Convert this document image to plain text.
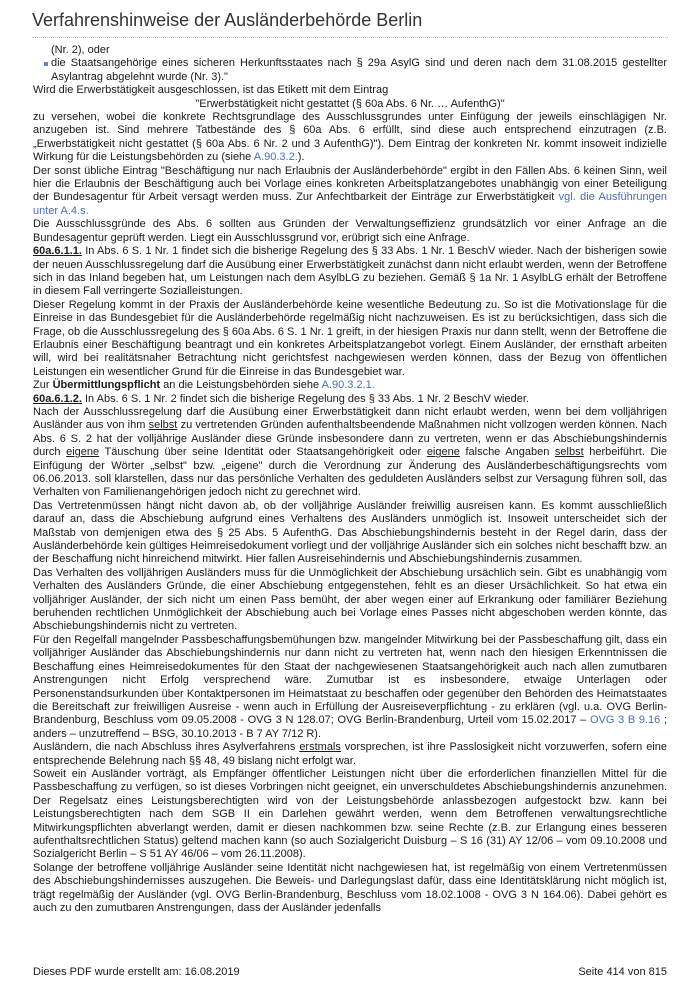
Verfahrenshinweise der Ausländerbehörde Berlin

(Nr. 2), oder

die Staatsangehörige eines sicheren Herkunftsstaates nach § 29a AsylG sind und deren nach dem 31.08.2015 gestellter Asylantrag abgelehnt wurde (Nr. 3)."

Wird die Erwerbstätigkeit ausgeschlossen, ist das Etikett mit dem Eintrag

"Erwerbstätigkeit nicht gestattet (§ 60a Abs. 6 Nr. … AufenthG)"

zu versehen, wobei die konkrete Rechtsgrundlage des Ausschlussgrundes unter Einfügung der jeweils einschlägigen Nr. anzugeben ist. Sind mehrere Tatbestände des § 60a Abs. 6 erfüllt, sind diese auch entsprechend einzutragen (z.B. „Erwerbstätigkeit nicht gestattet (§ 60a Abs. 6 Nr. 2 und 3 AufenthG)"). Dem Eintrag der konkreten Nr. kommt insoweit indizielle Wirkung für die Leistungsbehörden zu (siehe A.90.3.2.).

Der sonst übliche Eintrag "Beschäftigung nur nach Erlaubnis der Ausländerbehörde" ergibt in den Fällen Abs. 6 keinen Sinn, weil hier die Erlaubnis der Beschäftigung auch bei Vorlage eines konkreten Arbeitsplatzangebotes unabhängig von einer Beteiligung der Bundesagentur für Arbeit versagt werden muss. Zur Anfechtbarkeit der Einträge zur Erwerbstätigkeit vgl. die Ausführungen unter A.4.s.

Die Ausschlussgründe des Abs. 6 sollten aus Gründen der Verwaltungseffizienz grundsätzlich vor einer Anfrage an die Bundesagentur geprüft werden. Liegt ein Ausschlussgrund vor, erübrigt sich eine Anfrage.

60a.6.1.1. In Abs. 6 S. 1 Nr. 1 findet sich die bisherige Regelung des § 33 Abs. 1 Nr. 1 BeschV wieder. Nach der bisherigen sowie der neuen Ausschlussregelung darf die Ausübung einer Erwerbstätigkeit zunächst dann nicht erlaubt werden, wenn der Betroffene sich in das Inland begeben hat, um Leistungen nach dem AsylbLG zu beziehen. Gemäß § 1a Nr. 1 AsylbLG erhält der Betroffene in diesem Fall verringerte Sozialleistungen.

Dieser Regelung kommt in der Praxis der Ausländerbehörde keine wesentliche Bedeutung zu. So ist die Motivationslage für die Einreise in das Bundesgebiet für die Ausländerbehörde regelmäßig nicht nachzuweisen. Es ist zu berücksichtigen, dass sich die Frage, ob die Ausschlussregelung des § 60a Abs. 6 S. 1 Nr. 1 greift, in der hiesigen Praxis nur dann stellt, wenn der Betroffene die Erlaubnis einer Beschäftigung beantragt und ein konkretes Arbeitsplatzangebot vorlegt. Einem Ausländer, der ernsthaft arbeiten will, wird bei realitätsnaher Betrachtung nicht gerichtsfest nachgewiesen werden können, dass der Bezug von öffentlichen Leistungen ein wesentlicher Grund für die Einreise in das Bundesgebiet war.

Zur Übermittlungspflicht an die Leistungsbehörden siehe A.90.3.2.1.

60a.6.1.2. In Abs. 6 S. 1 Nr. 2 findet sich die bisherige Regelung des § 33 Abs. 1 Nr. 2 BeschV wieder.

Nach der Ausschlussregelung darf die Ausübung einer Erwerbstätigkeit dann nicht erlaubt werden, wenn bei dem volljährigen Ausländer aus von ihm selbst zu vertretenden Gründen aufenthaltsbeendende Maßnahmen nicht vollzogen werden können. Nach Abs. 6 S. 2 hat der volljährige Ausländer diese Gründe insbesondere dann zu vertreten, wenn er das Abschiebungshindernis durch eigene Täuschung über seine Identität oder Staatsangehörigkeit oder eigene falsche Angaben selbst herbeiführt. Die Einfügung der Wörter „selbst" bzw. „eigene" durch die Verordnung zur Änderung des Ausländerbeschäftigungsrechts vom 06.06.2013. soll klarstellen, dass nur das persönliche Verhalten des geduldeten Ausländers selbst zur Versagung führen soll, das Verhalten von Familienangehörigen jedoch nicht zu gerechnet wird.

Das Vertretenmüssen hängt nicht davon ab, ob der volljährige Ausländer freiwillig ausreisen kann. Es kommt ausschließlich darauf an, dass die Abschiebung aufgrund eines Verhaltens des Ausländers unmöglich ist. Insoweit unterscheidet sich der Maßstab von demjenigen etwa des § 25 Abs. 5 AufenthG. Das Abschiebungshindernis besteht in der Regel darin, dass der Ausländerbehörde kein gültiges Heimreisedokument vorliegt und der volljährige Ausländer sich ein solches nicht beschafft bzw. an der Beschaffung nicht hinreichend mitwirkt. Hier fallen Ausreisehindernis und Abschiebungshindernis zusammen.

Das Verhalten des volljährigen Ausländers muss für die Unmöglichkeit der Abschiebung ursächlich sein. Gibt es unabhängig vom Verhalten des Ausländers Gründe, die einer Abschiebung entgegenstehen, fehlt es an dieser Ursächlichkeit. So hat etwa ein volljähriger Ausländer, der sich nicht um einen Pass bemüht, der aber wegen einer auf Erkrankung oder familiärer Beziehung beruhenden rechtlichen Unmöglichkeit der Abschiebung auch bei Vorlage eines Passes nicht abgeschoben werden könnte, das Abschiebungshindernis nicht zu vertreten.

Für den Regelfall mangelnder Passbeschaffungsbemühungen bzw. mangelnder Mitwirkung bei der Passbeschaffung gilt, dass ein volljähriger Ausländer das Abschiebungshindernis nur dann nicht zu vertreten hat, wenn nach den hiesigen Erkenntnissen die Beschaffung eines Heimreisedokumentes für den Staat der nachgewiesenen Staatsangehörigkeit auch nach allen zumutbaren Anstrengungen nicht Erfolg versprechend wäre. Zumutbar ist es insbesondere, etwaige Unterlagen oder Personenstandsurkunden über Kontaktpersonen im Heimatstaat zu beschaffen oder gegenüber den Behörden des Heimatstaates die Bereitschaft zur freiwilligen Ausreise - wenn auch in Erfüllung der Ausreiseverpflichtung - zu erklären (vgl. u.a. OVG Berlin-Brandenburg, Beschluss vom 09.05.2008 - OVG 3 N 128.07; OVG Berlin-Brandenburg, Urteil vom 15.02.2017 – OVG 3 B 9.16 ; anders – unzutreffend – BSG, 30.10.2013 - B 7 AY 7/12 R).

Ausländern, die nach Abschluss ihres Asylverfahrens erstmals vorsprechen, ist ihre Passlosigkeit nicht vorzuwerfen, sofern eine entsprechende Belehrung nach §§ 48, 49 bislang nicht erfolgt war.

Soweit ein Ausländer vorträgt, als Empfänger öffentlicher Leistungen nicht über die erforderlichen finanziellen Mittel für die Passbeschaffung zu verfügen, so ist dieses Vorbringen nicht geeignet, ein unverschuldetes Abschiebungshindernis anzunehmen. Der Regelsatz eines Leistungsberechtigten wird von der Leistungsbehörde anlassbezogen aufgestockt bzw. kann bei Leistungsberechtigten nach dem SGB II ein Darlehen gewährt werden, wenn dem Betroffenen verwaltungsrechtliche Mitwirkungspflichten abverlangt werden, damit er diesen nachkommen bzw. seine Rechte (z.B. zur Erlangung eines besseren aufenthaltsrechtlichen Status) geltend machen kann (so auch Sozialgericht Duisburg – S 16 (31) AY 12/06 – vom 09.10.2008 und Sozialgericht Berlin – S 51 AY 46/06 – vom 26.11.2008).

Solange der betroffene volljährige Ausländer seine Identität nicht nachgewiesen hat, ist regelmäßig von einem Vertretenmüssen des Abschiebungshindernisses auszugehen. Die Beweis- und Darlegungslast dafür, dass eine Identitätsklärung nicht möglich ist, trägt regelmäßig der Ausländer (vgl. OVG Berlin-Brandenburg, Beschluss vom 18.02.1008 - OVG 3 N 164.06). Dabei gehört es auch zu den zumutbaren Anstrengungen, dass der Ausländer jedenfalls

Dieses PDF wurde erstellt am: 16.08.2019	Seite 414 von 815
